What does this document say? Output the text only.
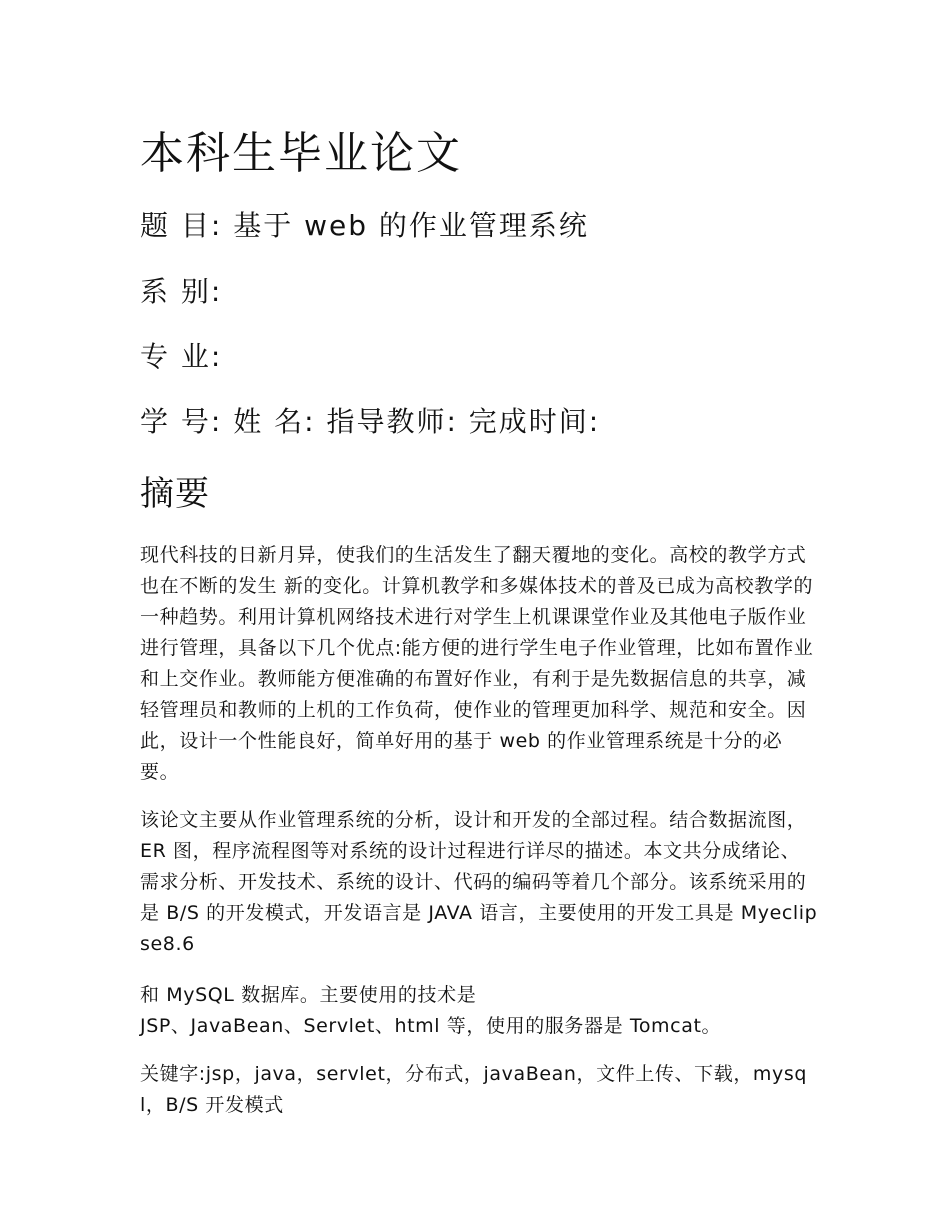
本科生毕业论文
题 目: 基于 web 的作业管理系统
系 别:
专 业:
学 号: 姓 名: 指导教师: 完成时间:
摘要

现代科技的日新月异，使我们的生活发生了翻天覆地的变化。高校的教学方式也在不断的发生 新的变化。计算机教学和多媒体技术的普及已成为高校教学的一种趋势。利用计算机网络技术进行对学生上机课课堂作业及其他电子版作业进行管理，具备以下几个优点:能方便的进行学生电子作业管理，比如布置作业和上交作业。教师能方便准确的布置好作业，有利于是先数据信息的共享，减轻管理员和教师的上机的工作负荷，使作业的管理更加科学、规范和安全。因此，设计一个性能良好，简单好用的基于 web 的作业管理系统是十分的必要。

该论文主要从作业管理系统的分析，设计和开发的全部过程。结合数据流图，ER 图，程序流程图等对系统的设计过程进行详尽的描述。本文共分成绪论、需求分析、开发技术、系统的设计、代码的编码等着几个部分。该系统采用的是 B/S 的开发模式，开发语言是 JAVA 语言，主要使用的开发工具是 Myeclipse8.6

和 MySQL 数据库。主要使用的技术是
JSP、JavaBean、Servlet、html 等，使用的服务器是 Tomcat。

关键字:jsp，java，servlet，分布式，javaBean，文件上传、下载，mysql，B/S 开发模式
